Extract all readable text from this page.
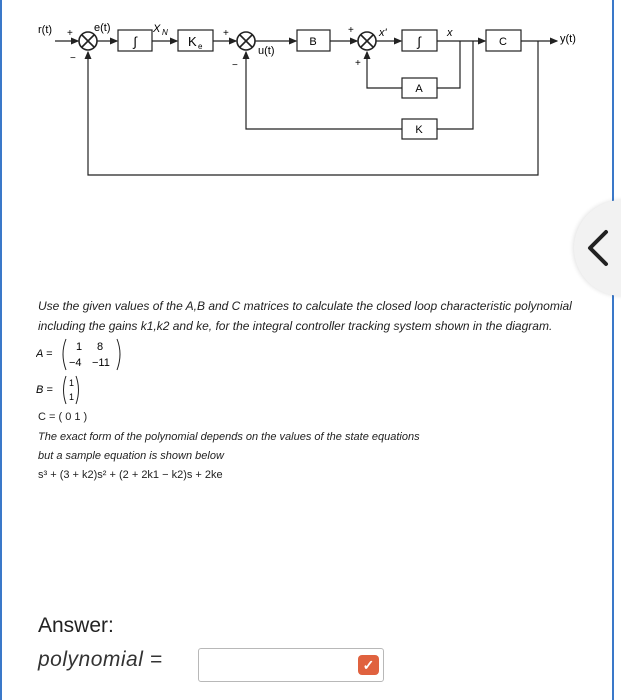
r(t)	e(t)	X N
u(t)
x'	x	y(t)
+
−
+
−
+
+
∫	K e	B	∫	C
A
K
Use the given values of the A,B and C matrices to calculate the closed loop characteristic polynomial
including the gains k1,k2 and ke, for the integral controller tracking system shown in the diagram.
A =
1 8
−4 −11
B =
1
1
C = ( 0 1 )
The exact form of the polynomial depends on the values of the state equations
but a sample equation is shown below
s³ + (3 + k2)s² + (2 + 2k1 − k2)s + 2ke
Answer:
polynomial =	✓
